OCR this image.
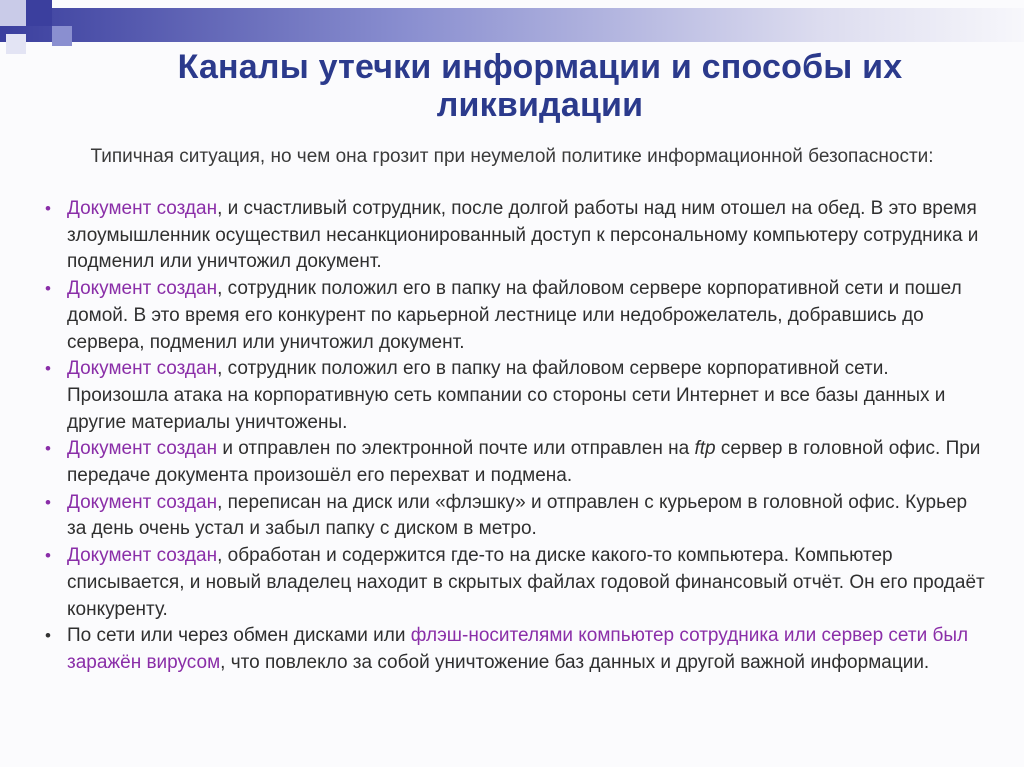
Каналы утечки информации и способы их ликвидации
Типичная ситуация, но чем она грозит при неумелой политике информационной безопасности:
• Документ создан, и счастливый сотрудник, после долгой работы над ним отошел на обед. В это время злоумышленник осуществил несанкционированный доступ к персональному компьютеру сотрудника и подменил или уничтожил документ.
• Документ создан, сотрудник положил его в папку на файловом сервере корпоративной сети и пошел домой. В это время его конкурент по карьерной лестнице или недоброжелатель, добравшись до сервера, подменил или уничтожил документ.
• Документ создан, сотрудник положил его в папку на файловом сервере корпоративной сети. Произошла атака на корпоративную сеть компании со стороны сети Интернет и все базы данных и другие материалы уничтожены.
• Документ создан и отправлен по электронной почте или отправлен на ftp сервер в головной офис. При передаче документа произошёл его перехват и подмена.
• Документ создан, переписан на диск или «флэшку» и отправлен с курьером в головной офис. Курьер за день очень устал и забыл папку с диском в метро.
• Документ создан, обработан и содержится где-то на диске какого-то компьютера. Компьютер списывается, и новый владелец находит в скрытых файлах годовой финансовый отчёт. Он его продаёт конкуренту.
• По сети или через обмен дисками или флэш-носителями компьютер сотрудника или сервер сети был заражён вирусом, что повлекло за собой уничтожение баз данных и другой важной информации.
